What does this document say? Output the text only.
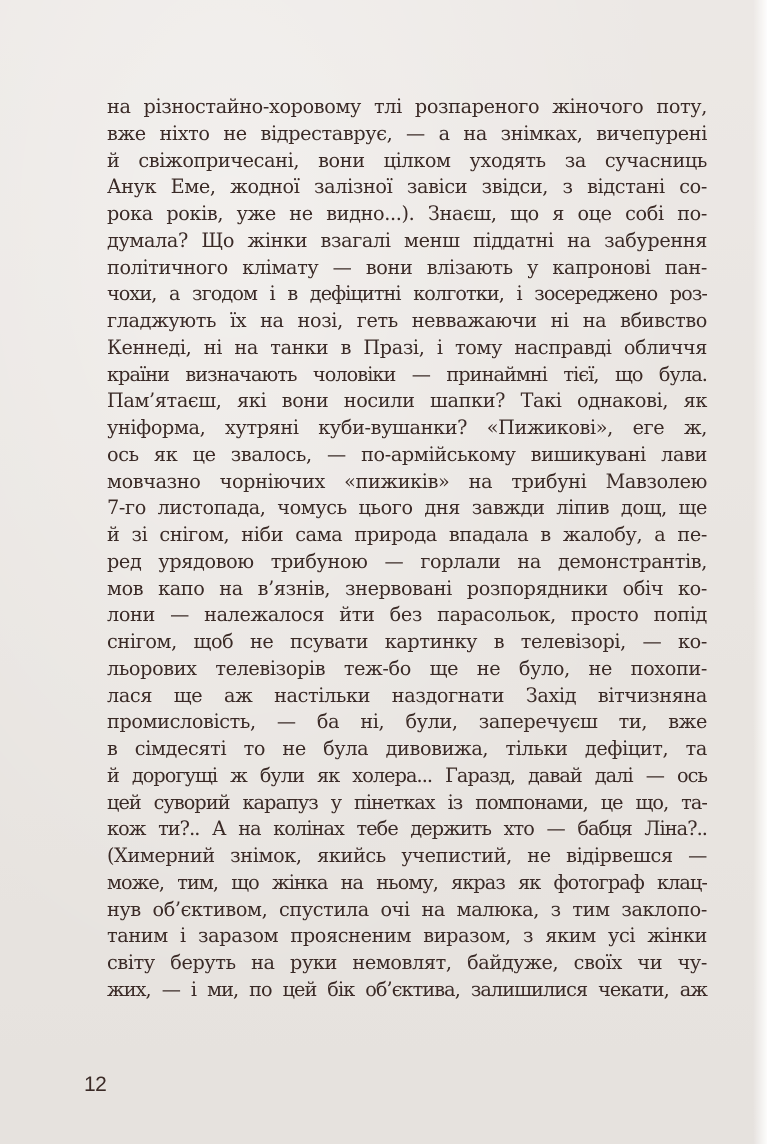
на різностайно-хоровому тлі розпареного жіночого поту,
вже ніхто не відреставрує, — а на знімках, вичепурені
й свіжопричесані, вони цілком уходять за сучасниць
Анук Еме, жодної залізної завіси звідси, з відстані со-
рока років, уже не видно...). Знаєш, що я оце собі по-
думала? Що жінки взагалі менш піддатні на забурення
політичного клімату — вони влізають у капронові пан-
чохи, а згодом і в дефіцитні колготки, і зосереджено роз-
гладжують їх на нозі, геть невважаючи ні на вбивство
Кеннеді, ні на танки в Празі, і тому насправді обличчя
країни визначають чоловіки — принаймні тієї, що була.
Пам’ятаєш, які вони носили шапки? Такі однакові, як
уніформа, хутряні куби-вушанки? «Пижикові», еге ж,
ось як це звалось, — по-армійському вишикувані лави
мовчазно чорніючих «пижиків» на трибуні Мавзолею
7-го листопада, чомусь цього дня завжди ліпив дощ, ще
й зі снігом, ніби сама природа впадала в жалобу, а пе-
ред урядовою трибуною — горлали на демонстрантів,
мов капо на в’язнів, знервовані розпорядники обіч ко-
лони — належалося йти без парасольок, просто попід
снігом, щоб не псувати картинку в телевізорі, — ко-
льорових телевізорів теж-бо ще не було, не похопи-
лася ще аж настільки наздогнати Захід вітчизняна
промисловість, — ба ні, були, заперечуєш ти, вже
в сімдесяті то не була дивовижа, тільки дефіцит, та
й дорогущі ж були як холера... Гаразд, давай далі — ось
цей суворий карапуз у пінетках із помпонами, це що, та-
кож ти?.. А на колінах тебе держить хто — бабця Ліна?..
(Химерний знімок, якийсь учепистий, не відірвешся —
може, тим, що жінка на ньому, якраз як фотограф клац-
нув об’єктивом, спустила очі на малюка, з тим заклопо-
таним і заразом проясненим виразом, з яким усі жінки
світу беруть на руки немовлят, байдуже, своїх чи чу-
жих, — і ми, по цей бік об’єктива, залишилися чекати, аж
12
